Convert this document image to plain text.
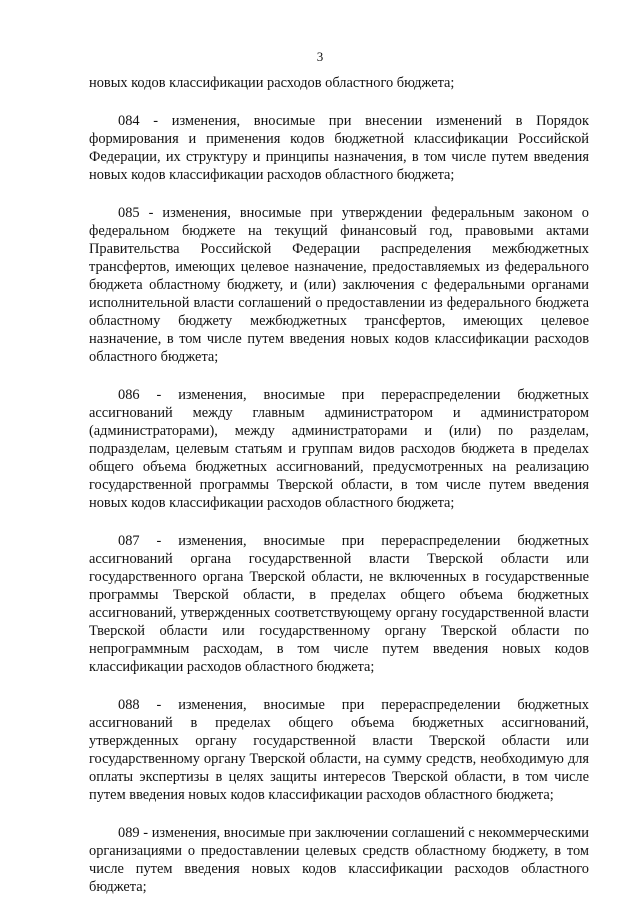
3

новых кодов классификации расходов областного бюджета;

084 - изменения, вносимые при внесении изменений в Порядок формирования и применения кодов бюджетной классификации Российской Федерации, их структуру и принципы назначения, в том числе путем введения новых кодов классификации расходов областного бюджета;

085 - изменения, вносимые при утверждении федеральным законом о федеральном бюджете на текущий финансовый год, правовыми актами Правительства Российской Федерации распределения межбюджетных трансфертов, имеющих целевое назначение, предоставляемых из федерального бюджета областному бюджету, и (или) заключения с федеральными органами исполнительной власти соглашений о предоставлении из федерального бюджета областному бюджету межбюджетных трансфертов, имеющих целевое назначение, в том числе путем введения новых кодов классификации расходов областного бюджета;

086 - изменения, вносимые при перераспределении бюджетных ассигнований между главным администратором и администратором (администраторами), между администраторами и (или) по разделам, подразделам, целевым статьям и группам видов расходов бюджета в пределах общего объема бюджетных ассигнований, предусмотренных на реализацию государственной программы Тверской области, в том числе путем введения новых кодов классификации расходов областного бюджета;

087 - изменения, вносимые при перераспределении бюджетных ассигнований органа государственной власти Тверской области или государственного органа Тверской области, не включенных в государственные программы Тверской области, в пределах общего объема бюджетных ассигнований, утвержденных соответствующему органу государственной власти Тверской области или государственному органу Тверской области по непрограммным расходам, в том числе путем введения новых кодов классификации расходов областного бюджета;

088 - изменения, вносимые при перераспределении бюджетных ассигнований в пределах общего объема бюджетных ассигнований, утвержденных органу государственной власти Тверской области или государственному органу Тверской области, на сумму средств, необходимую для оплаты экспертизы в целях защиты интересов Тверской области, в том числе путем введения новых кодов классификации расходов областного бюджета;

089 - изменения, вносимые при заключении соглашений с некоммерческими организациями о предоставлении целевых средств областному бюджету, в том числе путем введения новых кодов классификации расходов областного бюджета;
